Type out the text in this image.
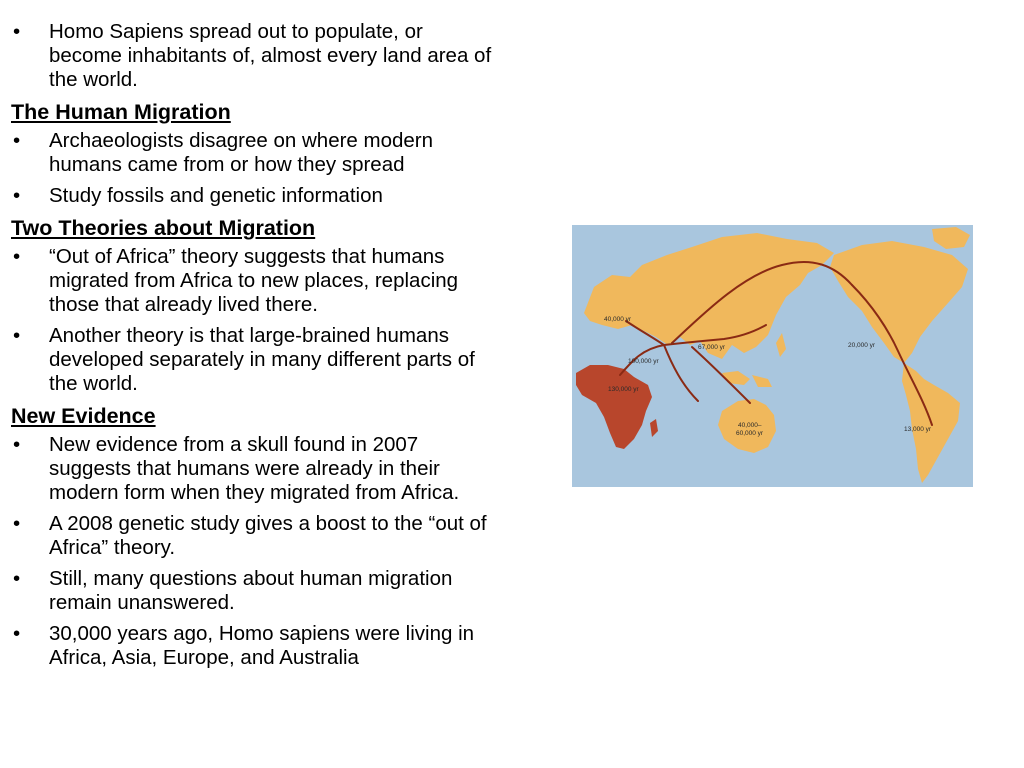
• Homo Sapiens spread out to populate, or become inhabitants of, almost every land area of the world.
The Human Migration
• Archaeologists disagree on where modern humans came from or how they spread
• Study fossils and genetic information
Two Theories about Migration
• “Out of Africa” theory suggests that humans migrated from Africa to new places, replacing those that already lived there.
• Another theory is that large-brained humans developed separately in many different parts of the world.
New Evidence
• New evidence from a skull found in 2007 suggests that humans were already in their modern form when they migrated from Africa.
• A 2008 genetic study gives a boost to the “out of Africa” theory.
• Still, many questions about human migration remain unanswered.
• 30,000 years ago, Homo sapiens were living in Africa, Asia, Europe, and Australia
40,000 yr
67,000 yr
100,000 yr
130,000 yr
20,000 yr
40,000–
60,000 yr
13,000 yr
